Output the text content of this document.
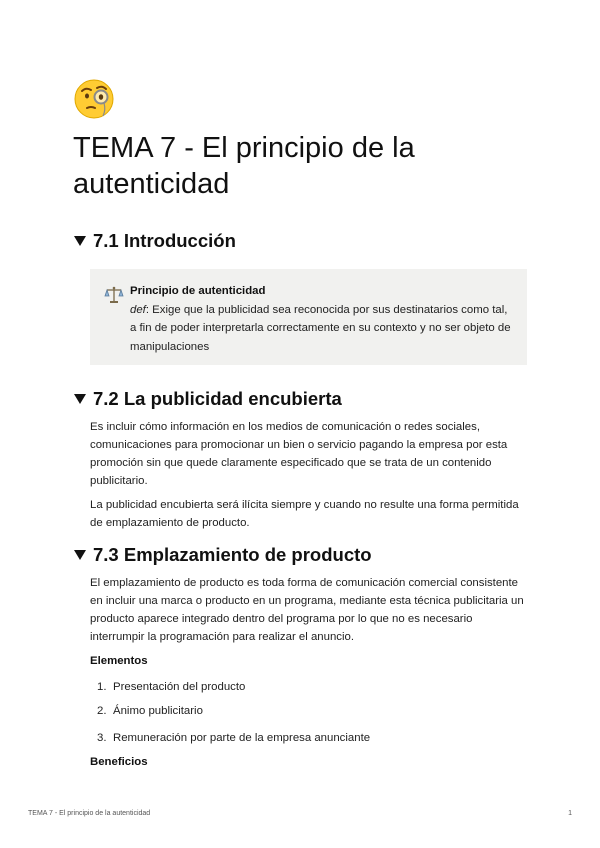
TEMA 7 - El principio de la autenticidad
7.1 Introducción
Principio de autenticidad
def: Exige que la publicidad sea reconocida por sus destinatarios como tal, a fin de poder interpretarla correctamente en su contexto y no ser objeto de manipulaciones
7.2 La publicidad encubierta

Es incluir cómo información en los medios de comunicación o redes sociales, comunicaciones para promocionar un bien o servicio pagando la empresa por esta promoción sin que quede claramente especificado que se trata de un contenido publicitario.

La publicidad encubierta será ilícita siempre y cuando no resulte una forma permitida de emplazamiento de producto.

7.3 Emplazamiento de producto

El emplazamiento de producto es toda forma de comunicación comercial consistente en incluir una marca o producto en un programa, mediante esta técnica publicitaria un producto aparece integrado dentro del programa por lo que no es necesario interrumpir la programación para realizar el anuncio.

Elementos
1. Presentación del producto
2. Ánimo publicitario
3. Remuneración por parte de la empresa anunciante
Beneficios
TEMA 7 - El principio de la autenticidad	1
